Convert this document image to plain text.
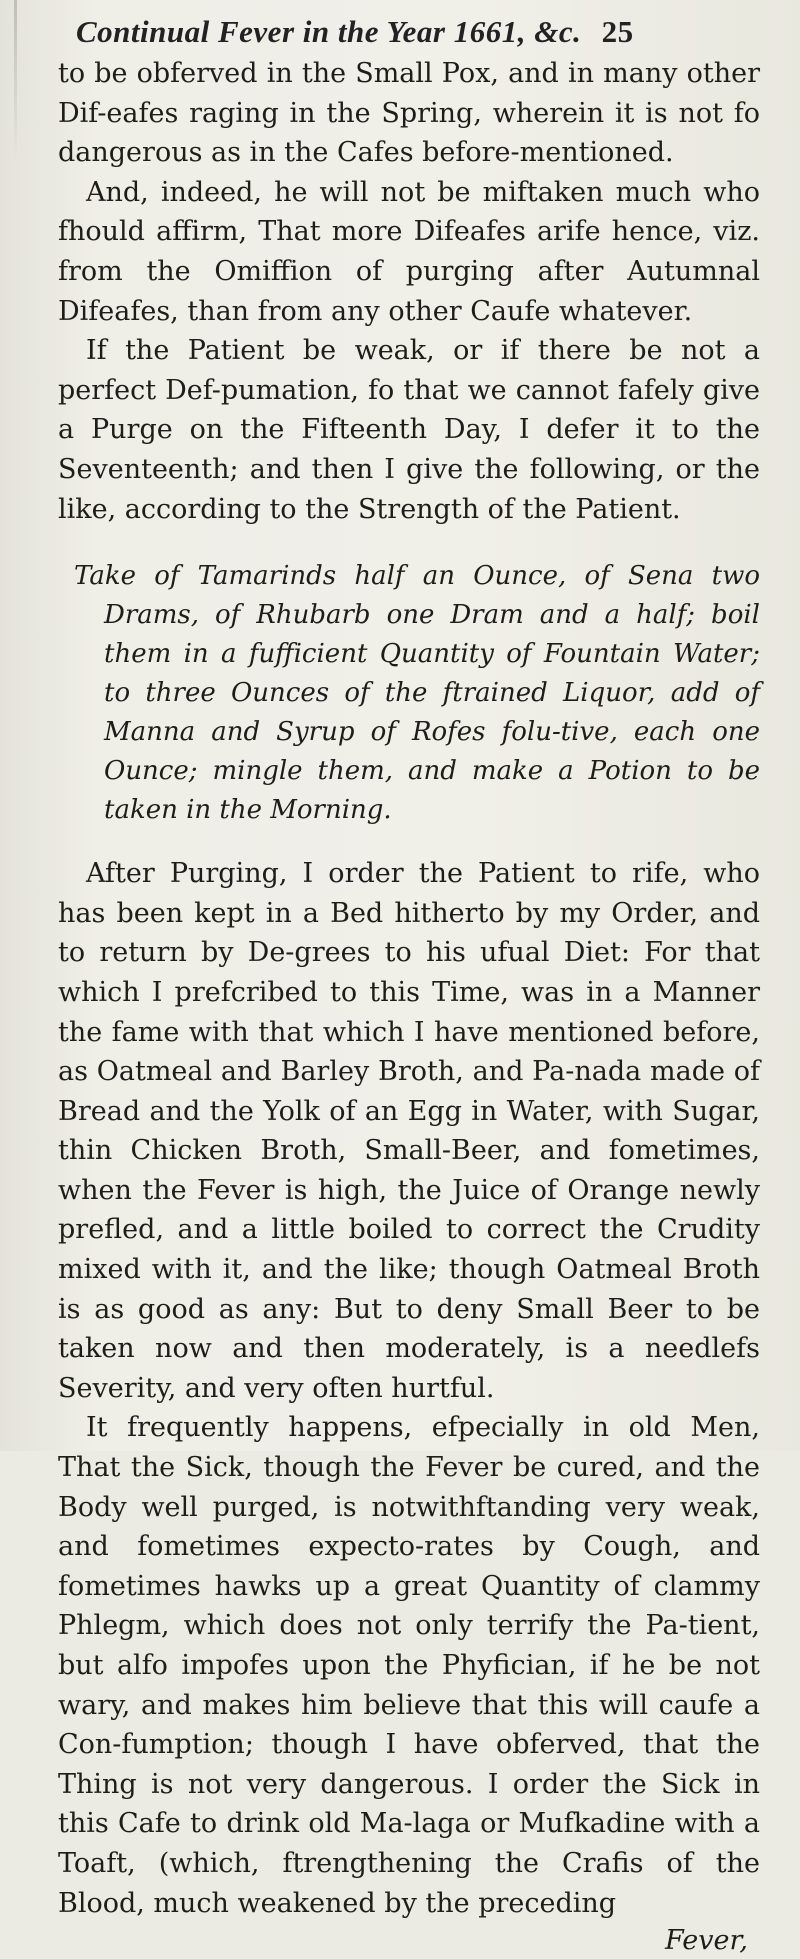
Continual Fever in the Year 1661, &c. 25

to be obferved in the Small Pox, and in many other Dif-eafes raging in the Spring, wherein it is not fo dangerous as in the Cafes before-mentioned.

And, indeed, he will not be miftaken much who fhould affirm, That more Difeafes arife hence, viz. from the Omiffion of purging after Autumnal Difeafes, than from any other Caufe whatever.

If the Patient be weak, or if there be not a perfect Def-pumation, fo that we cannot fafely give a Purge on the Fifteenth Day, I defer it to the Seventeenth; and then I give the following, or the like, according to the Strength of the Patient.

Take of Tamarinds half an Ounce, of Sena two Drams, of Rhubarb one Dram and a half; boil them in a fufficient Quantity of Fountain Water; to three Ounces of the ftrained Liquor, add of Manna and Syrup of Rofes folu-tive, each one Ounce; mingle them, and make a Potion to be taken in the Morning.

After Purging, I order the Patient to rife, who has been kept in a Bed hitherto by my Order, and to return by De-grees to his ufual Diet: For that which I prefcribed to this Time, was in a Manner the fame with that which I have mentioned before, as Oatmeal and Barley Broth, and Pa-nada made of Bread and the Yolk of an Egg in Water, with Sugar, thin Chicken Broth, Small-Beer, and fometimes, when the Fever is high, the Juice of Orange newly prefled, and a little boiled to correct the Crudity mixed with it, and the like; though Oatmeal Broth is as good as any: But to deny Small Beer to be taken now and then moderately, is a needlefs Severity, and very often hurtful.

It frequently happens, efpecially in old Men, That the Sick, though the Fever be cured, and the Body well purged, is notwithftanding very weak, and fometimes expecto-rates by Cough, and fometimes hawks up a great Quantity of clammy Phlegm, which does not only terrify the Pa-tient, but alfo impofes upon the Phyfician, if he be not wary, and makes him believe that this will caufe a Con-fumption; though I have obferved, that the Thing is not very dangerous. I order the Sick in this Cafe to drink old Ma-laga or Mufkadine with a Toaft, (which, ftrengthening the Crafis of the Blood, much weakened by the preceding

Fever,
